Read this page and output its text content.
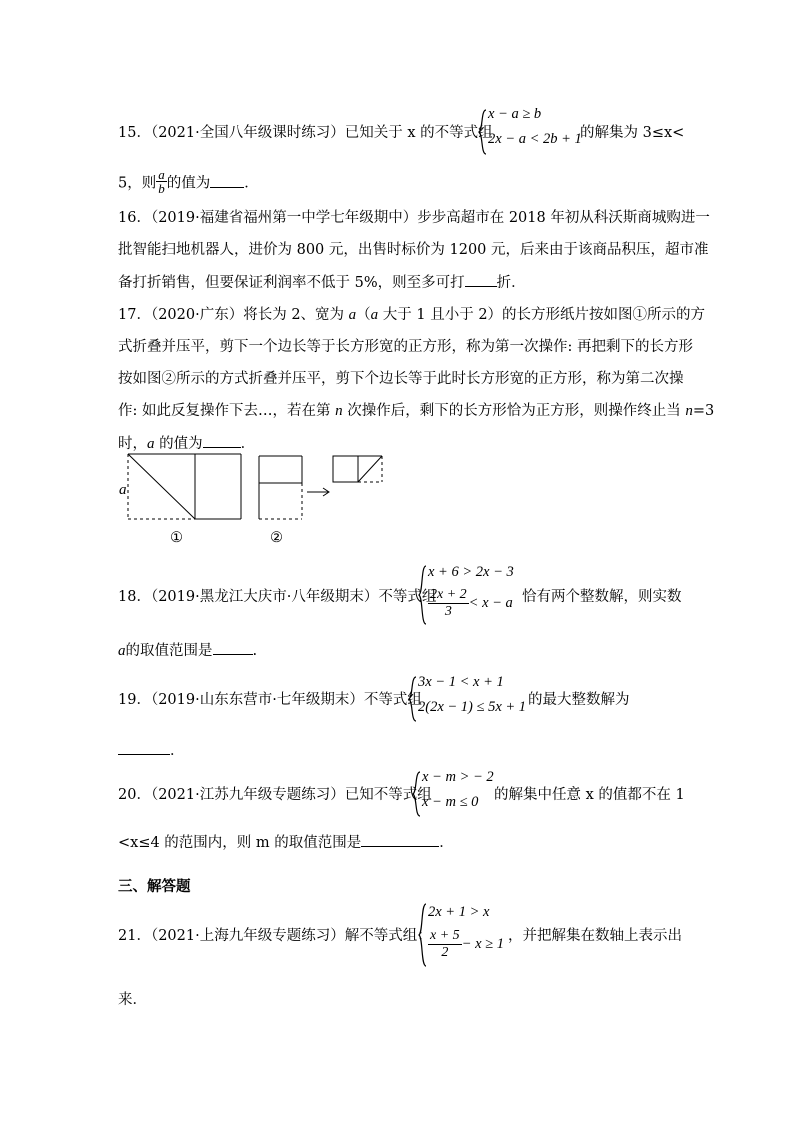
15．（2021·全国八年级课时练习）已知关于 x 的不等式组
x − a ≥ b
2x − a < 2b + 1
的解集为 3≤x<
5，则 $\frac{a}{b}$ 的值为 ．
16．（2019·福建省福州第一中学七年级期中）步步高超市在 2018 年初从科沃斯商城购进一
批智能扫地机器人，进价为 800 元，出售时标价为 1200 元，后来由于该商品积压，超市准
备打折销售，但要保证利润率不低于 5%，则至多可打 折．
17．（2020·广东）将长为 2、宽为 a（a 大于 1 且小于 2）的长方形纸片按如图①所示的方
式折叠并压平，剪下一个边长等于长方形宽的正方形，称为第一次操作: 再把剩下的长方形
按如图②所示的方式折叠并压平，剪下个边长等于此时长方形宽的正方形，称为第二次操
作: 如此反复操作下去…，若在第 n 次操作后，剩下的长方形恰为正方形，则操作终止当 n=3
时，a 的值为	．
a
①	②
18．（2019·黑龙江大庆市·八年级期末）不等式组
x + 6 > 2x − 3
$\frac{2x + 2}{3} < x - a$ 恰有两个整数解，则实数
a的取值范围是	.
19．（2019·山东东营市·七年级期末）不等式组
3x − 1 < x + 1
2(2x − 1) ≤ 5x + 1 的最大整数解为
．
20．（2021·江苏九年级专题练习）已知不等式组
x − m > − 2
x − m ≤ 0 的解集中任意 x 的值都不在 1
<x≤4 的范围内，则 m 的取值范围是	．
三、解答题
21．（2021·上海九年级专题练习）解不等式组：
2x + 1 > x
$\frac{x + 5}{2} - x \ge 1$ ，并把解集在数轴上表示出
来．
